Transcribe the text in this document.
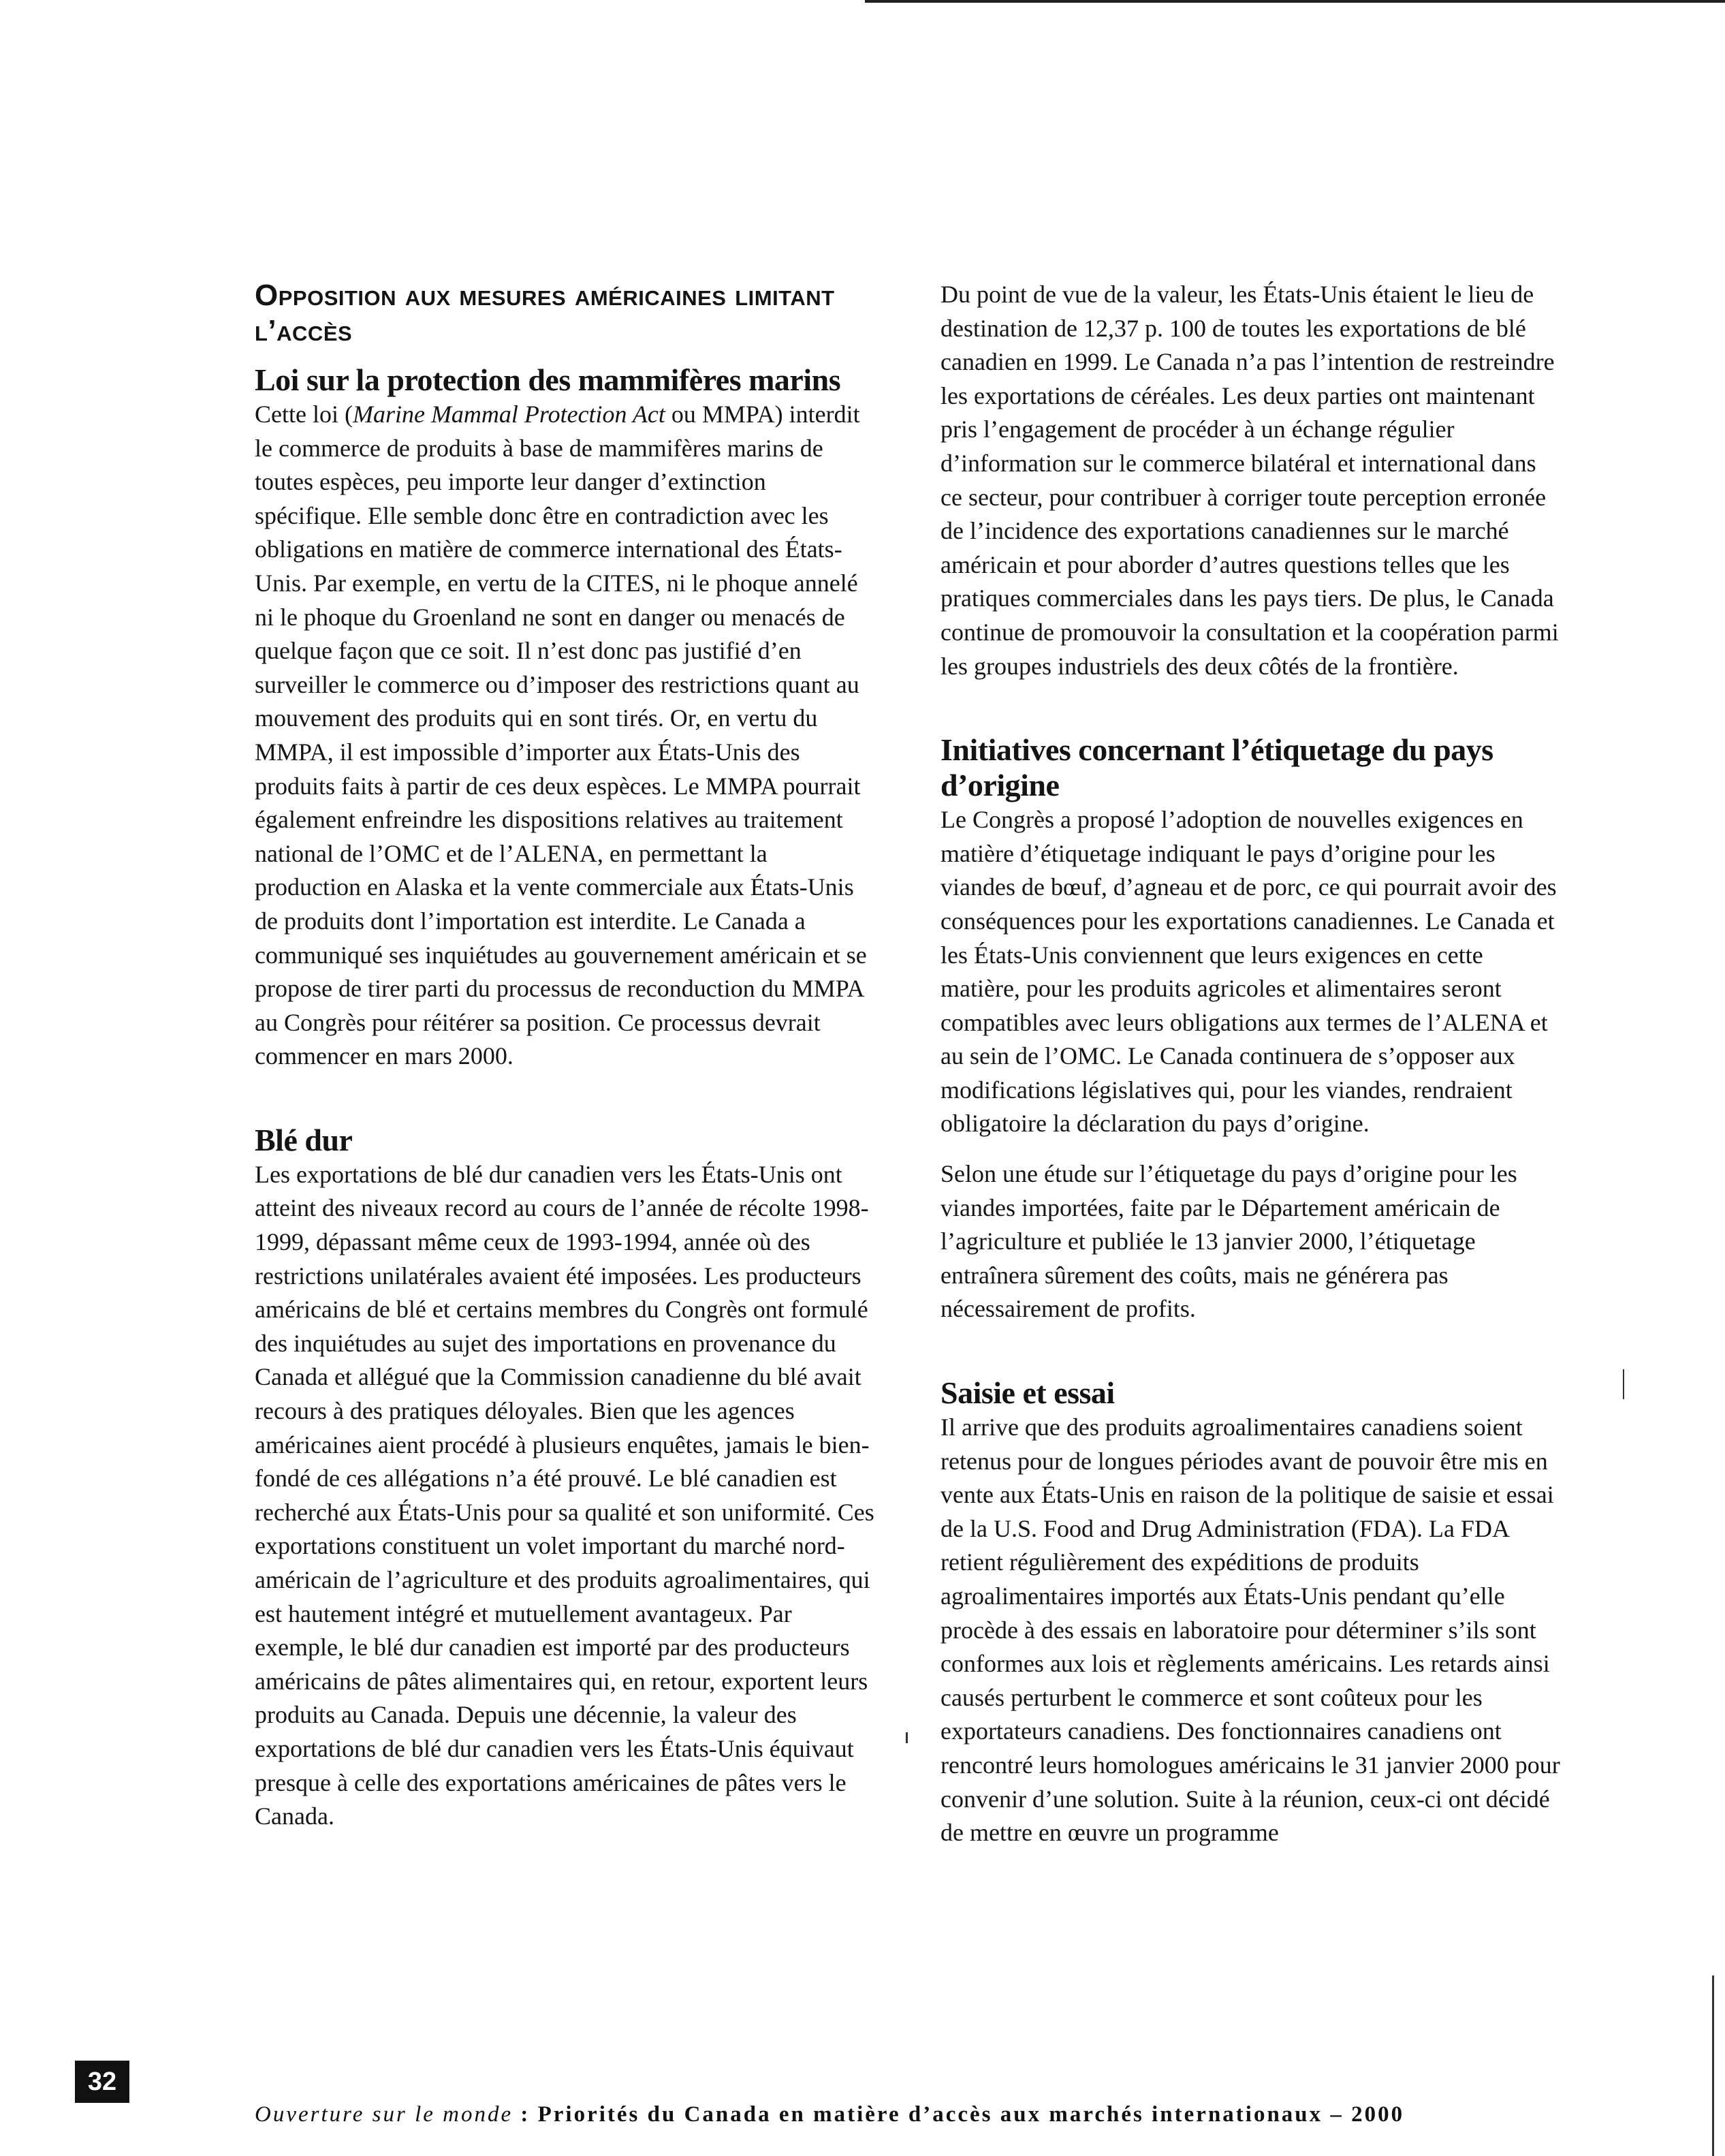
Opposition aux mesures américaines limitant l’accès
Loi sur la protection des mammifères marins

Cette loi (Marine Mammal Protection Act ou MMPA) interdit le commerce de produits à base de mammifères marins de toutes espèces, peu importe leur danger d’extinction spécifique. Elle semble donc être en contradiction avec les obligations en matière de commerce international des États-Unis. Par exemple, en vertu de la CITES, ni le phoque annelé ni le phoque du Groenland ne sont en danger ou menacés de quelque façon que ce soit. Il n’est donc pas justifié d’en surveiller le commerce ou d’imposer des restrictions quant au mouvement des produits qui en sont tirés. Or, en vertu du MMPA, il est impossible d’importer aux États-Unis des produits faits à partir de ces deux espèces. Le MMPA pourrait également enfreindre les dispositions relatives au traitement national de l’OMC et de l’ALENA, en permettant la production en Alaska et la vente commerciale aux États-Unis de produits dont l’importation est interdite. Le Canada a communiqué ses inquiétudes au gouvernement américain et se propose de tirer parti du processus de reconduction du MMPA au Congrès pour réitérer sa position. Ce processus devrait commencer en mars 2000.

Blé dur

Les exportations de blé dur canadien vers les États-Unis ont atteint des niveaux record au cours de l’année de récolte 1998-1999, dépassant même ceux de 1993-1994, année où des restrictions unilatérales avaient été imposées. Les producteurs américains de blé et certains membres du Congrès ont formulé des inquiétudes au sujet des importations en provenance du Canada et allégué que la Commission canadienne du blé avait recours à des pratiques déloyales. Bien que les agences américaines aient procédé à plusieurs enquêtes, jamais le bien-fondé de ces allégations n’a été prouvé. Le blé canadien est recherché aux États-Unis pour sa qualité et son uniformité. Ces exportations constituent un volet important du marché nord-américain de l’agriculture et des produits agroalimentaires, qui est hautement intégré et mutuellement avantageux. Par exemple, le blé dur canadien est importé par des producteurs américains de pâtes alimentaires qui, en retour, exportent leurs produits au Canada. Depuis une décennie, la valeur des exportations de blé dur canadien vers les États-Unis équivaut presque à celle des exportations américaines de pâtes vers le Canada.

Du point de vue de la valeur, les États-Unis étaient le lieu de destination de 12,37 p. 100 de toutes les exportations de blé canadien en 1999. Le Canada n’a pas l’intention de restreindre les exportations de céréales. Les deux parties ont maintenant pris l’engagement de procéder à un échange régulier d’information sur le commerce bilatéral et international dans ce secteur, pour contribuer à corriger toute perception erronée de l’incidence des exportations canadiennes sur le marché américain et pour aborder d’autres questions telles que les pratiques commerciales dans les pays tiers. De plus, le Canada continue de promouvoir la consultation et la coopération parmi les groupes industriels des deux côtés de la frontière.

Initiatives concernant l’étiquetage du pays d’origine

Le Congrès a proposé l’adoption de nouvelles exigences en matière d’étiquetage indiquant le pays d’origine pour les viandes de bœuf, d’agneau et de porc, ce qui pourrait avoir des conséquences pour les exportations canadiennes. Le Canada et les États-Unis conviennent que leurs exigences en cette matière, pour les produits agricoles et alimentaires seront compatibles avec leurs obligations aux termes de l’ALENA et au sein de l’OMC. Le Canada continuera de s’opposer aux modifications législatives qui, pour les viandes, rendraient obligatoire la déclaration du pays d’origine.

Selon une étude sur l’étiquetage du pays d’origine pour les viandes importées, faite par le Département américain de l’agriculture et publiée le 13 janvier 2000, l’étiquetage entraînera sûrement des coûts, mais ne générera pas nécessairement de profits.

Saisie et essai

Il arrive que des produits agroalimentaires canadiens soient retenus pour de longues périodes avant de pouvoir être mis en vente aux États-Unis en raison de la politique de saisie et essai de la U.S. Food and Drug Administration (FDA). La FDA retient régulièrement des expéditions de produits agroalimentaires importés aux États-Unis pendant qu’elle procède à des essais en laboratoire pour déterminer s’ils sont conformes aux lois et règlements américains. Les retards ainsi causés perturbent le commerce et sont coûteux pour les exportateurs canadiens. Des fonctionnaires canadiens ont rencontré leurs homologues américains le 31 janvier 2000 pour convenir d’une solution. Suite à la réunion, ceux-ci ont décidé de mettre en œuvre un programme

32
Ouverture sur le monde : Priorités du Canada en matière d’accès aux marchés internationaux – 2000
